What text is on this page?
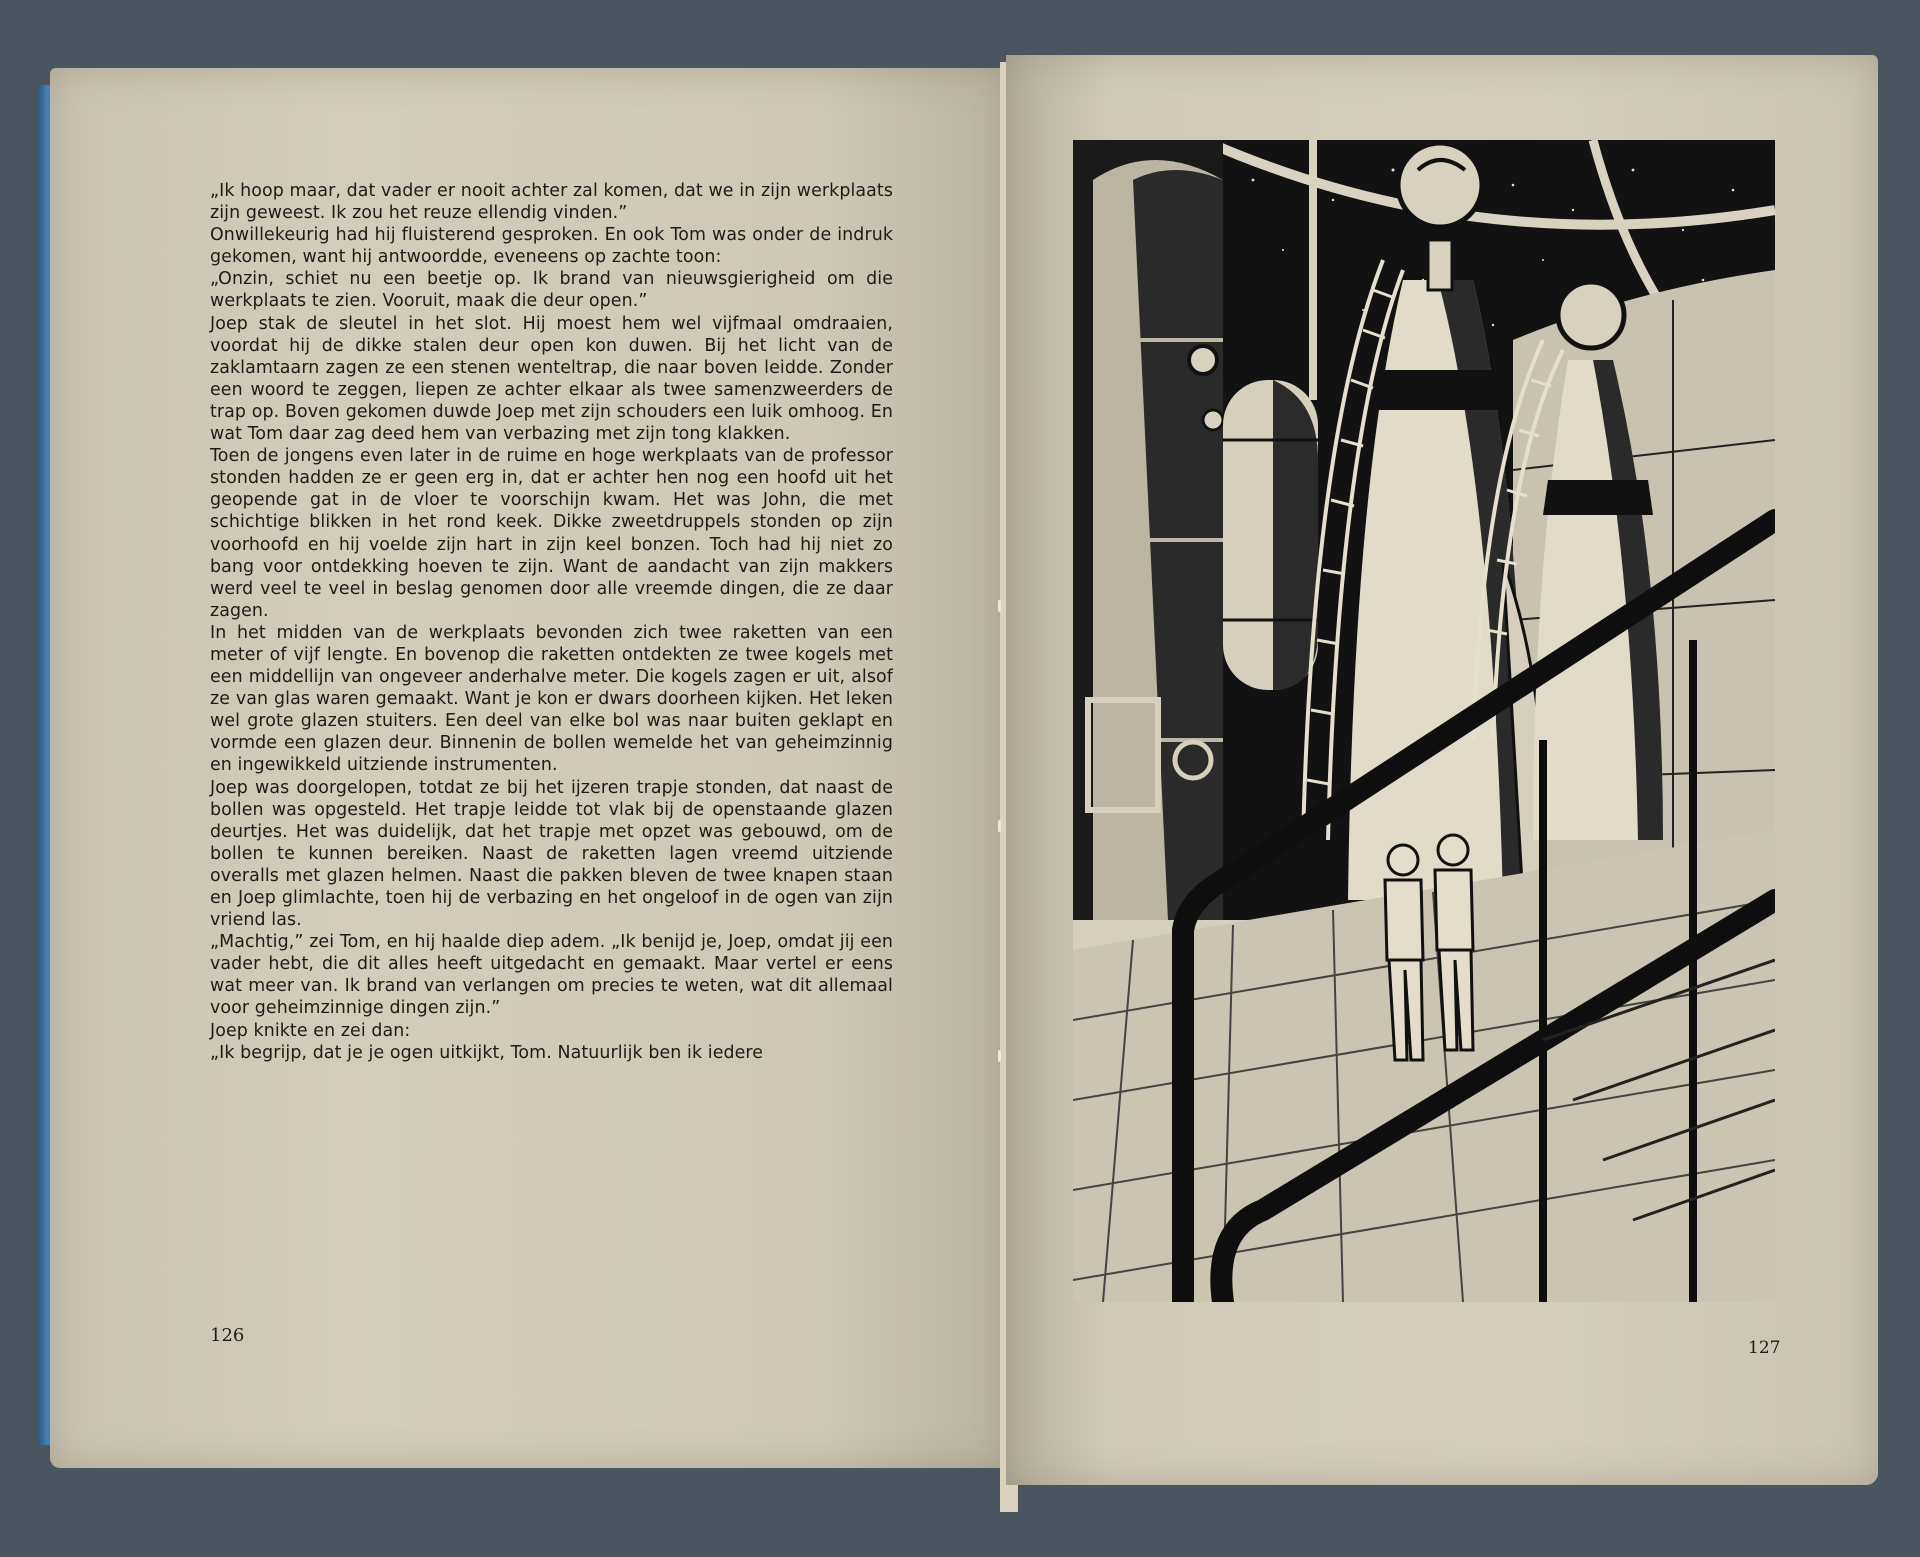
„Ik hoop maar, dat vader er nooit achter zal komen, dat we in zijn werkplaats zijn geweest. Ik zou het reuze ellendig vinden.”

Onwillekeurig had hij fluisterend gesproken. En ook Tom was onder de indruk gekomen, want hij antwoordde, eveneens op zachte toon:

„Onzin, schiet nu een beetje op. Ik brand van nieuwsgierigheid om die werkplaats te zien. Vooruit, maak die deur open.”

Joep stak de sleutel in het slot. Hij moest hem wel vijfmaal omdraaien, voordat hij de dikke stalen deur open kon duwen. Bij het licht van de zaklamtaarn zagen ze een stenen wenteltrap, die naar boven leidde. Zonder een woord te zeggen, liepen ze achter elkaar als twee samenzweerders de trap op. Boven gekomen duwde Joep met zijn schouders een luik omhoog. En wat Tom daar zag deed hem van verbazing met zijn tong klakken.

Toen de jongens even later in de ruime en hoge werkplaats van de professor stonden hadden ze er geen erg in, dat er achter hen nog een hoofd uit het geopende gat in de vloer te voorschijn kwam. Het was John, die met schichtige blikken in het rond keek. Dikke zweetdruppels stonden op zijn voorhoofd en hij voelde zijn hart in zijn keel bonzen. Toch had hij niet zo bang voor ontdekking hoeven te zijn. Want de aandacht van zijn makkers werd veel te veel in beslag genomen door alle vreemde dingen, die ze daar zagen.

In het midden van de werkplaats bevonden zich twee raketten van een meter of vijf lengte. En bovenop die raketten ontdekten ze twee kogels met een middellijn van ongeveer anderhalve meter. Die kogels zagen er uit, alsof ze van glas waren gemaakt. Want je kon er dwars doorheen kijken. Het leken wel grote glazen stuiters. Een deel van elke bol was naar buiten geklapt en vormde een glazen deur. Binnenin de bollen wemelde het van geheimzinnig en ingewikkeld uitziende instrumenten.

Joep was doorgelopen, totdat ze bij het ijzeren trapje stonden, dat naast de bollen was opgesteld. Het trapje leidde tot vlak bij de openstaande glazen deurtjes. Het was duidelijk, dat het trapje met opzet was gebouwd, om de bollen te kunnen bereiken. Naast de raketten lagen vreemd uitziende overalls met glazen helmen. Naast die pakken bleven de twee knapen staan en Joep glimlachte, toen hij de verbazing en het ongeloof in de ogen van zijn vriend las.

„Machtig,” zei Tom, en hij haalde diep adem. „Ik benijd je, Joep, omdat jij een vader hebt, die dit alles heeft uitgedacht en gemaakt. Maar vertel er eens wat meer van. Ik brand van verlangen om precies te weten, wat dit allemaal voor geheimzinnige dingen zijn.”

Joep knikte en zei dan:

„Ik begrijp, dat je je ogen uitkijkt, Tom. Natuurlijk ben ik iedere

126
127
